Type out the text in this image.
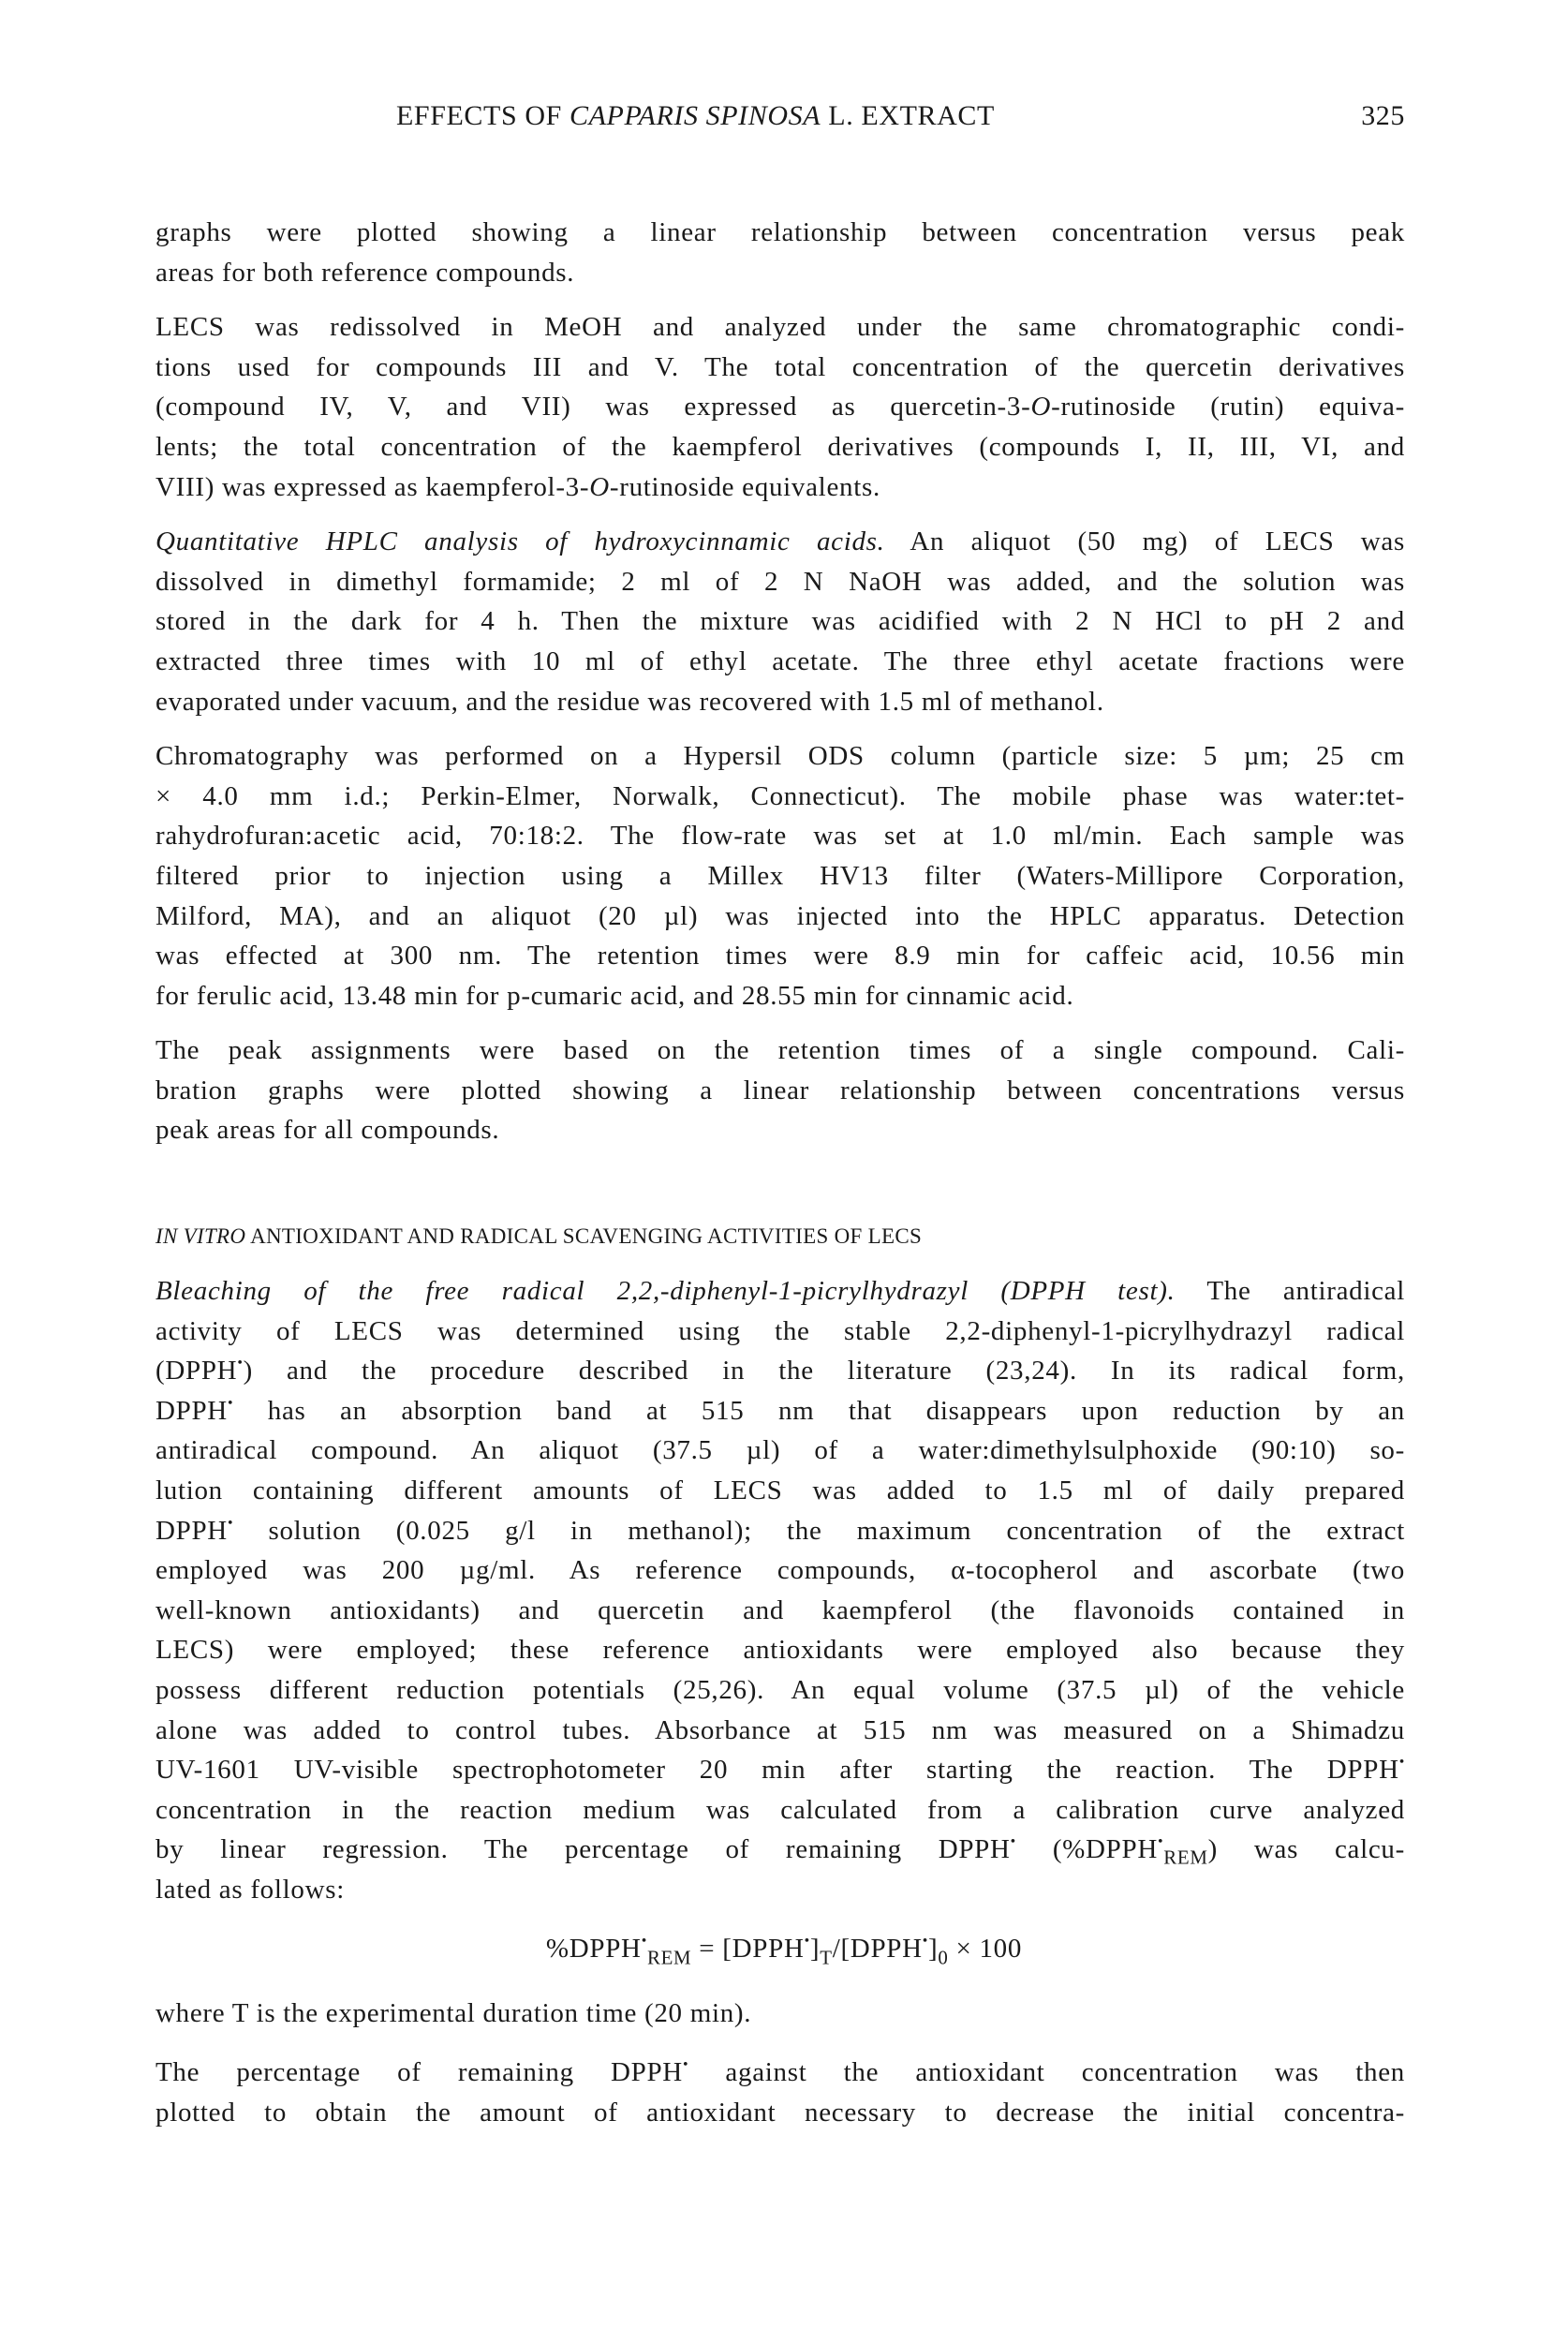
EFFECTS OF CAPPARIS SPINOSA L. EXTRACT	325
graphs were plotted showing a linear relationship between concentration versus peak
areas for both reference compounds.
LECS was redissolved in MeOH and analyzed under the same chromatographic condi-
tions used for compounds III and V. The total concentration of the quercetin derivatives
(compound IV, V, and VII) was expressed as quercetin-3-O-rutinoside (rutin) equiva-
lents; the total concentration of the kaempferol derivatives (compounds I, II, III, VI, and
VIII) was expressed as kaempferol-3-O-rutinoside equivalents.
Quantitative HPLC analysis of hydroxycinnamic acids. An aliquot (50 mg) of LECS was
dissolved in dimethyl formamide; 2 ml of 2 N NaOH was added, and the solution was
stored in the dark for 4 h. Then the mixture was acidified with 2 N HCl to pH 2 and
extracted three times with 10 ml of ethyl acetate. The three ethyl acetate fractions were
evaporated under vacuum, and the residue was recovered with 1.5 ml of methanol.
Chromatography was performed on a Hypersil ODS column (particle size: 5 µm; 25 cm
× 4.0 mm i.d.; Perkin-Elmer, Norwalk, Connecticut). The mobile phase was water:tet-
rahydrofuran:acetic acid, 70:18:2. The flow-rate was set at 1.0 ml/min. Each sample was
filtered prior to injection using a Millex HV13 filter (Waters-Millipore Corporation,
Milford, MA), and an aliquot (20 µl) was injected into the HPLC apparatus. Detection
was effected at 300 nm. The retention times were 8.9 min for caffeic acid, 10.56 min
for ferulic acid, 13.48 min for p-cumaric acid, and 28.55 min for cinnamic acid.
The peak assignments were based on the retention times of a single compound. Cali-
bration graphs were plotted showing a linear relationship between concentrations versus
peak areas for all compounds.
IN VITRO ANTIOXIDANT AND RADICAL SCAVENGING ACTIVITIES OF LECS
Bleaching of the free radical 2,2,-diphenyl-1-picrylhydrazyl (DPPH test). The antiradical
activity of LECS was determined using the stable 2,2-diphenyl-1-picrylhydrazyl radical
(DPPH•) and the procedure described in the literature (23,24). In its radical form,
DPPH• has an absorption band at 515 nm that disappears upon reduction by an
antiradical compound. An aliquot (37.5 µl) of a water:dimethylsulphoxide (90:10) so-
lution containing different amounts of LECS was added to 1.5 ml of daily prepared
DPPH• solution (0.025 g/l in methanol); the maximum concentration of the extract
employed was 200 µg/ml. As reference compounds, α-tocopherol and ascorbate (two
well-known antioxidants) and quercetin and kaempferol (the flavonoids contained in
LECS) were employed; these reference antioxidants were employed also because they
possess different reduction potentials (25,26). An equal volume (37.5 µl) of the vehicle
alone was added to control tubes. Absorbance at 515 nm was measured on a Shimadzu
UV-1601 UV-visible spectrophotometer 20 min after starting the reaction. The DPPH•
concentration in the reaction medium was calculated from a calibration curve analyzed
by linear regression. The percentage of remaining DPPH• $(\%DPPH^•_{REM})$ was calcu-
lated as follows:
$\%DPPH^•_{REM}$ = $[DPPH^•]_T/[DPPH^•]_0 \times 100$
where T is the experimental duration time (20 min).
The percentage of remaining DPPH• against the antioxidant concentration was then
plotted to obtain the amount of antioxidant necessary to decrease the initial concentra-
